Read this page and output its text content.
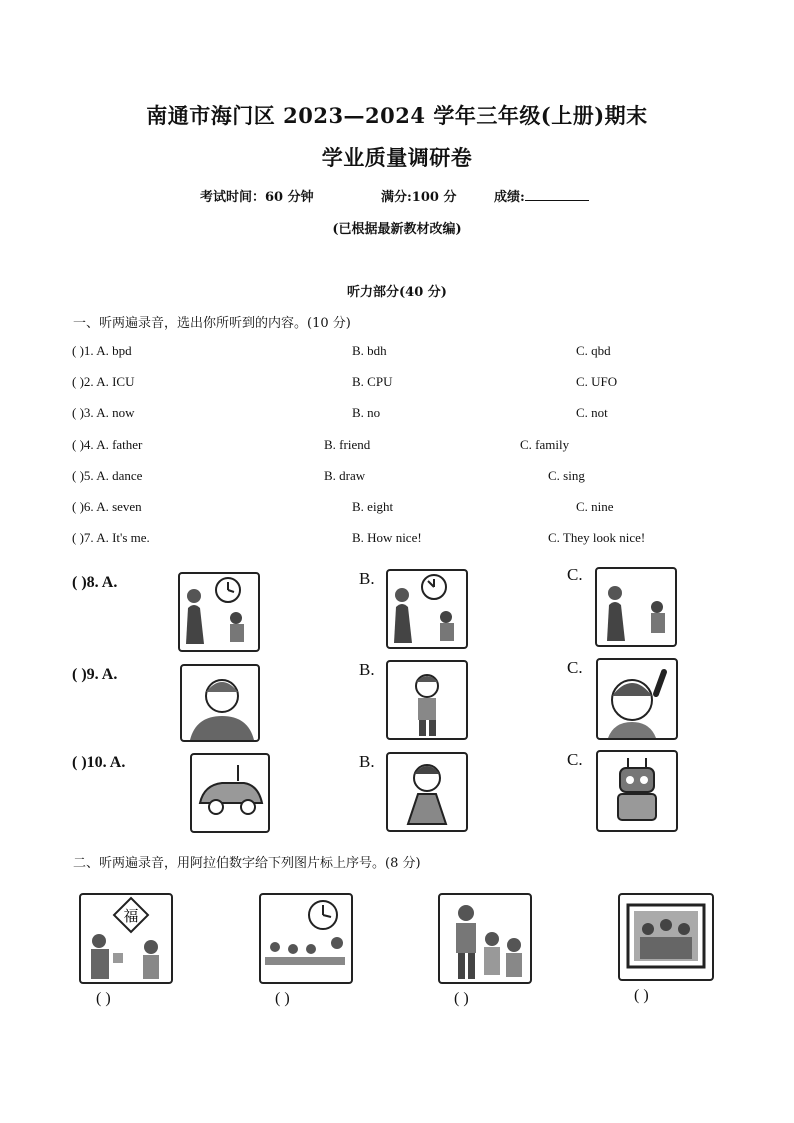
南通市海门区 2023—2024 学年三年级(上册)期末
学业质量调研卷
考试时间：60 分钟	满分:100 分	成绩:
(已根据最新教材改编)
听力部分(40 分)
一、听两遍录音，选出你所听到的内容。(10 分)
( )1. A. bpd	B. bdh	C. qbd
( )2. A. ICU	B. CPU	C. UFO
( )3. A. now	B. no	C. not
( )4. A. father	B. friend	C. family
( )5. A. dance	B. draw	C. sing
( )6. A. seven	B. eight	C. nine
( )7. A. It's me.	B. How nice!	C. They look nice!
( )8. A.	B.	C.
( )9. A.	B.	C.
( )10. A.	B.	C.
二、听两遍录音，用阿拉伯数字给下列图片标上序号。(8 分)
福
( )	( )	( )	( )
